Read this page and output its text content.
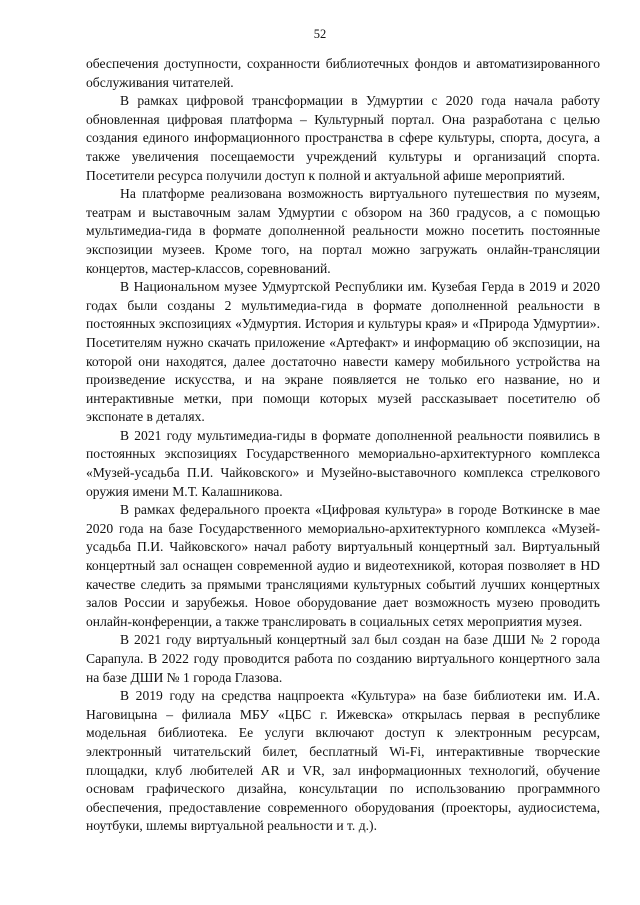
52

обеспечения доступности, сохранности библиотечных фондов и автоматизированного обслуживания читателей.

В рамках цифровой трансформации в Удмуртии с 2020 года начала работу обновленная цифровая платформа – Культурный портал. Она разработана с целью создания единого информационного пространства в сфере культуры, спорта, досуга, а также увеличения посещаемости учреждений культуры и организаций спорта. Посетители ресурса получили доступ к полной и актуальной афише мероприятий.

На платформе реализована возможность виртуального путешествия по музеям, театрам и выставочным залам Удмуртии с обзором на 360 градусов, а с помощью мультимедиа-гида в формате дополненной реальности можно посетить постоянные экспозиции музеев. Кроме того, на портал можно загружать онлайн-трансляции концертов, мастер-классов, соревнований.

В Национальном музее Удмуртской Республики им. Кузебая Герда в 2019 и 2020 годах были созданы 2 мультимедиа-гида в формате дополненной реальности в постоянных экспозициях «Удмуртия. История и культуры края» и «Природа Удмуртии». Посетителям нужно скачать приложение «Артефакт» и информацию об экспозиции, на которой они находятся, далее достаточно навести камеру мобильного устройства на произведение искусства, и на экране появляется не только его название, но и интерактивные метки, при помощи которых музей рассказывает посетителю об экспонате в деталях.

В 2021 году мультимедиа-гиды в формате дополненной реальности появились в постоянных экспозициях Государственного мемориально-архитектурного комплекса «Музей-усадьба П.И. Чайковского» и Музейно-выставочного комплекса стрелкового оружия имени М.Т. Калашникова.

В рамках федерального проекта «Цифровая культура» в городе Воткинске в мае 2020 года на базе Государственного мемориально-архитектурного комплекса «Музей-усадьба П.И. Чайковского» начал работу виртуальный концертный зал. Виртуальный концертный зал оснащен современной аудио и видеотехникой, которая позволяет в HD качестве следить за прямыми трансляциями культурных событий лучших концертных залов России и зарубежья. Новое оборудование дает возможность музею проводить онлайн-конференции, а также транслировать в социальных сетях мероприятия музея.

В 2021 году виртуальный концертный зал был создан на базе ДШИ № 2 города Сарапула. В 2022 году проводится работа по созданию виртуального концертного зала на базе ДШИ № 1 города Глазова.

В 2019 году на средства нацпроекта «Культура» на базе библиотеки им. И.А. Наговицына – филиала МБУ «ЦБС г. Ижевска» открылась первая в республике модельная библиотека. Ее услуги включают доступ к электронным ресурсам, электронный читательский билет, бесплатный Wi-Fi, интерактивные творческие площадки, клуб любителей AR и VR, зал информационных технологий, обучение основам графического дизайна, консультации по использованию программного обеспечения, предоставление современного оборудования (проекторы, аудиосистема, ноутбуки, шлемы виртуальной реальности и т. д.).
